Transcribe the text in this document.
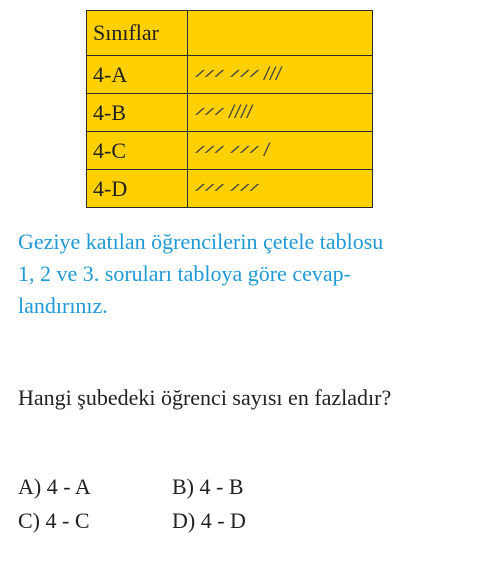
Sınıflar	
4-A	𝄍𝄍𝄍 𝄍𝄍𝄍 ///
4-B	𝄍𝄍𝄍 ////
4-C	𝄍𝄍𝄍 𝄍𝄍𝄍 /
4-D	𝄍𝄍𝄍 𝄍𝄍𝄍
Geziye katılan öğrencilerin çetele tablosu
1, 2 ve 3. soruları tabloya göre cevap-
landırınız.
Hangi şubedeki öğrenci sayısı en fazladır?
A) 4 - A	B) 4 - B
C) 4 - C	D) 4 - D
